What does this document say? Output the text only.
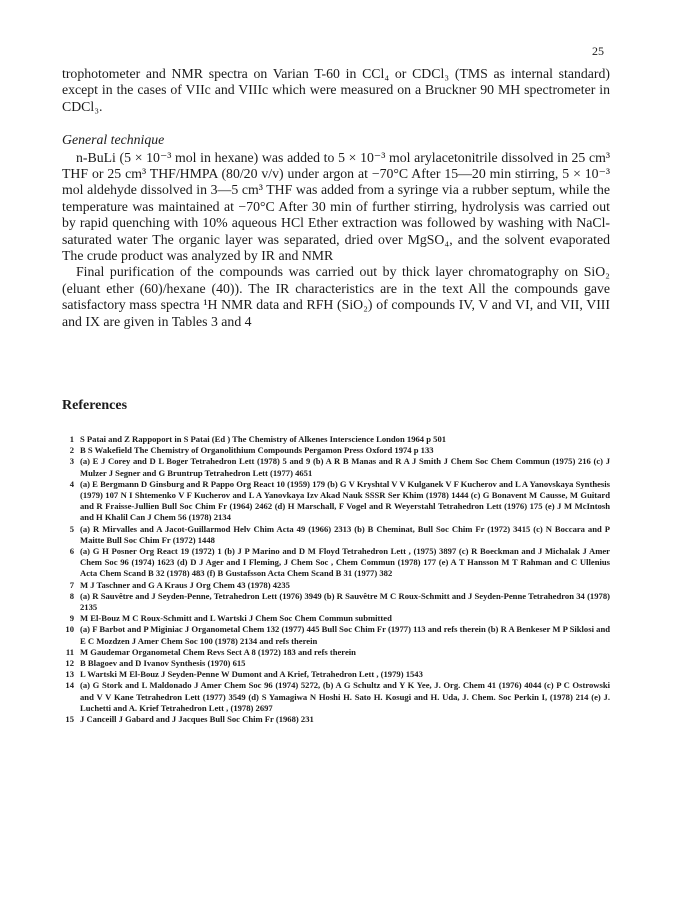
25

trophotometer and NMR spectra on Varian T-60 in CCl₄ or CDCl₃ (TMS as internal standard) except in the cases of VIIc and VIIIc which were measured on a Bruckner 90 MH spectrometer in CDCl₃.

General technique

n-BuLi (5 × 10⁻³ mol in hexane) was added to 5 × 10⁻³ mol arylacetonitrile dissolved in 25 cm³ THF or 25 cm³ THF/HMPA (80/20 v/v) under argon at −70°C After 15—20 min stirring, 5 × 10⁻³ mol aldehyde dissolved in 3—5 cm³ THF was added from a syringe via a rubber septum, while the temperature was maintained at −70°C After 30 min of further stirring, hydrolysis was carried out by rapid quenching with 10% aqueous HCl Ether extraction was followed by washing with NaCl-saturated water The organic layer was separated, dried over MgSO₄, and the solvent evaporated The crude product was analyzed by IR and NMR

Final purification of the compounds was carried out by thick layer chromatography on SiO₂ (eluant ether (60)/hexane (40)). The IR characteristics are in the text All the compounds gave satisfactory mass spectra ¹H NMR data and RFH (SiO₂) of compounds IV, V and VI, and VII, VIII and IX are given in Tables 3 and 4

References
1 S Patai and Z Rappoport in S Patai (Ed ) The Chemistry of Alkenes Interscience London 1964 p 501
2 B S Wakefield The Chemistry of Organolithium Compounds Pergamon Press Oxford 1974 p 133
3 (a) E J Corey and D L Boger Tetrahedron Lett (1978) 5 and 9 (b) A R B Manas and R A J Smith J Chem Soc Chem Commun (1975) 216 (c) J Mulzer J Segner and G Bruntrup Tetrahedron Lett (1977) 4651
4 (a) E Bergmann D Ginsburg and R Pappo Org React 10 (1959) 179 (b) G V Kryshtal V V Kulganek V F Kucherov and L A Yanovskaya Synthesis (1979) 107 N I Shtemenko V F Kucherov and L A Yanovkaya Izv Akad Nauk SSSR Ser Khim (1978) 1444 (c) G Bonavent M Causse, M Guitard and R Fraisse-Jullien Bull Soc Chim Fr (1964) 2462 (d) H Marschall, F Vogel and R Weyerstahl Tetrahedron Lett (1976) 175 (e) J M McIntosh and H Khalil Can J Chem 56 (1978) 2134
5 (a) R Mirvalles and A Jacot-Guillarmod Helv Chim Acta 49 (1966) 2313 (b) B Cheminat, Bull Soc Chim Fr (1972) 3415 (c) N Boccara and P Maitte Bull Soc Chim Fr (1972) 1448
6 (a) G H Posner Org React 19 (1972) 1 (b) J P Marino and D M Floyd Tetrahedron Lett , (1975) 3897 (c) R Boeckman and J Michalak J Amer Chem Soc 96 (1974) 1623 (d) D J Ager and I Fleming, J Chem Soc , Chem Commun (1978) 177 (e) A T Hansson M T Rahman and C Ullenius Acta Chem Scand B 32 (1978) 483 (f) B Gustafsson Acta Chem Scand B 31 (1977) 382
7 M J Taschner and G A Kraus J Org Chem 43 (1978) 4235
8 (a) R Sauvêtre and J Seyden-Penne, Tetrahedron Lett (1976) 3949 (b) R Sauvêtre M C Roux-Schmitt and J Seyden-Penne Tetrahedron 34 (1978) 2135
9 M El-Bouz M C Roux-Schmitt and L Wartski J Chem Soc Chem Commun submitted
10 (a) F Barbot and P Miginiac J Organometal Chem 132 (1977) 445 Bull Soc Chim Fr (1977) 113 and refs therein (b) R A Benkeser M P Siklosi and E C Mozdzen J Amer Chem Soc 100 (1978) 2134 and refs therein
11 M Gaudemar Organometal Chem Revs Sect A 8 (1972) 183 and refs therein
12 B Blagoev and D Ivanov Synthesis (1970) 615
13 L Wartski M El-Bouz J Seyden-Penne W Dumont and A Krief, Tetrahedron Lett , (1979) 1543
14 (a) G Stork and L Maldonado J Amer Chem Soc 96 (1974) 5272, (b) A G Schultz and Y K Yee, J. Org. Chem 41 (1976) 4044 (c) P C Ostrowski and V V Kane Tetrahedron Lett (1977) 3549 (d) S Yamagiwa N Hoshi H. Sato H. Kosugi and H. Uda, J. Chem. Soc Perkin I, (1978) 214 (e) J. Luchetti and A. Krief Tetrahedron Lett , (1978) 2697
15 J Canceill J Gabard and J Jacques Bull Soc Chim Fr (1968) 231
